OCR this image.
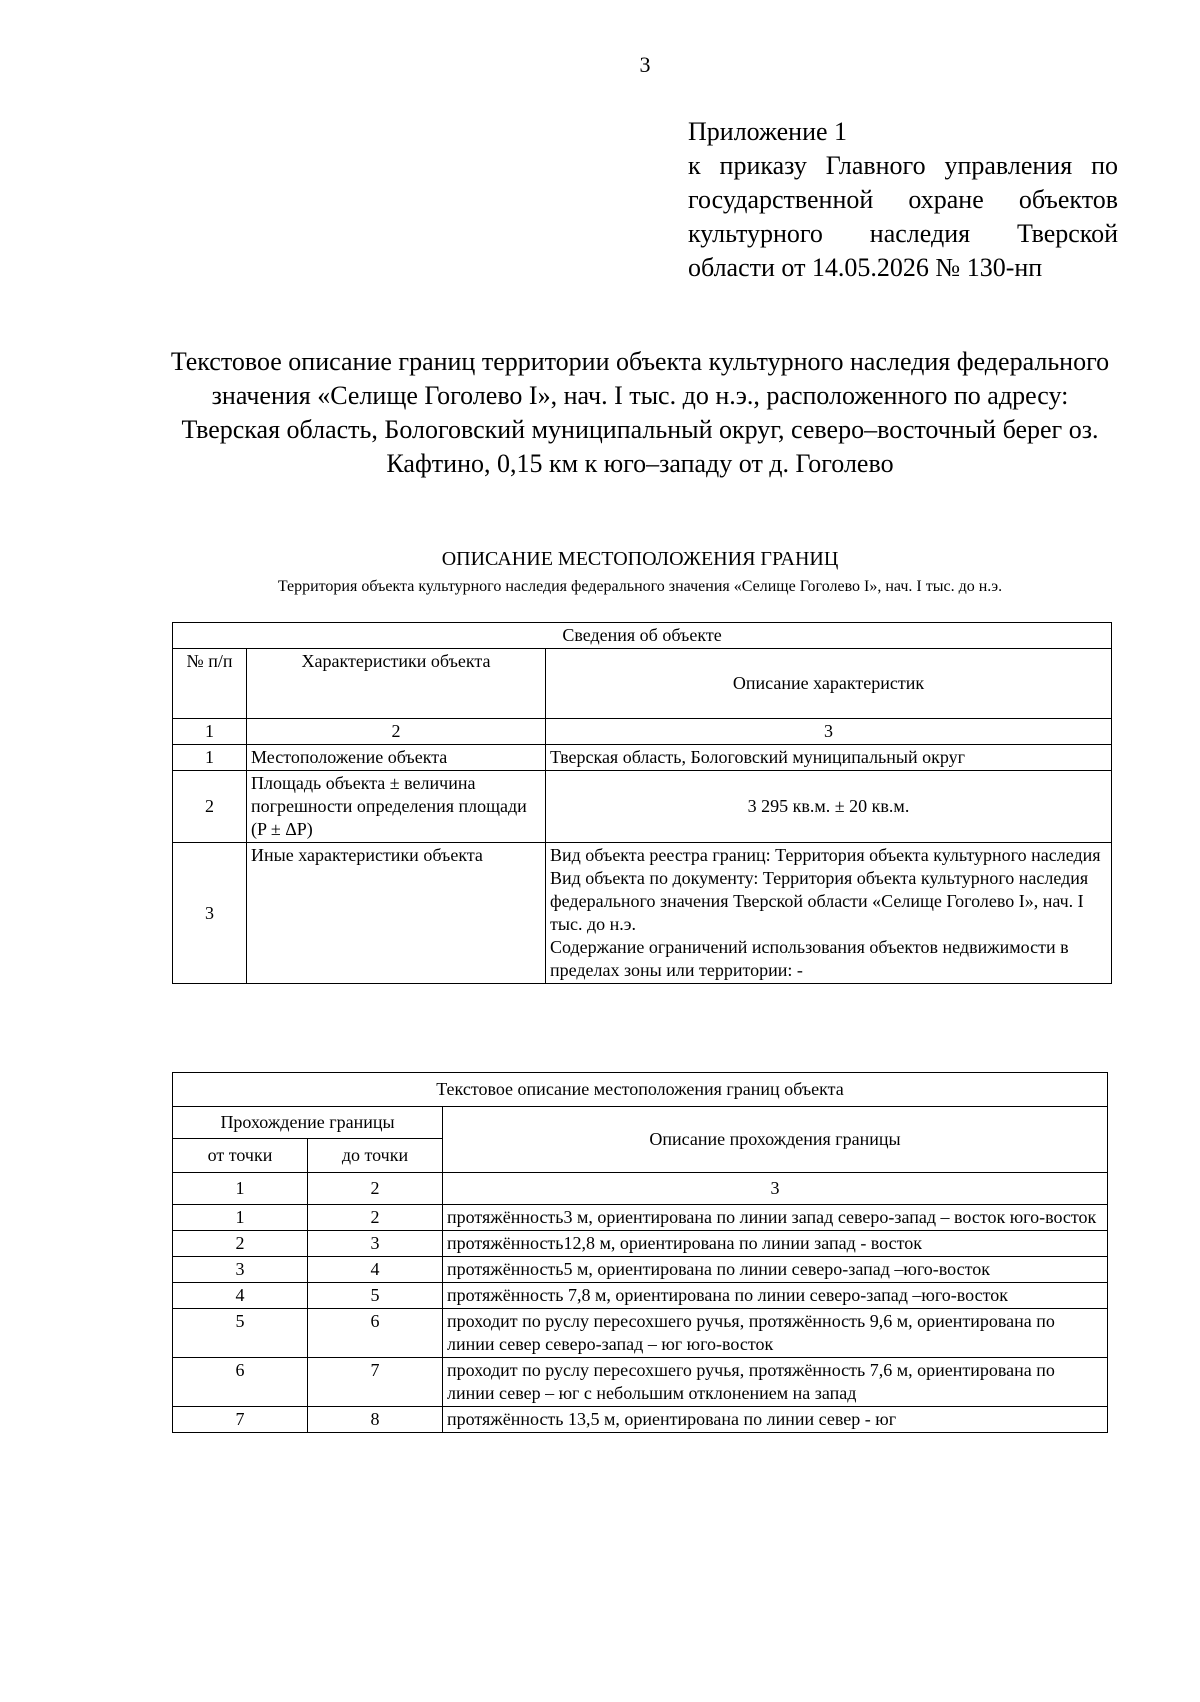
3
Приложение 1
к приказу Главного управления по государственной охране объектов культурного наследия Тверской области от 14.05.2026 № 130-нп
Текстовое описание границ территории объекта культурного наследия федерального значения «Селище Гоголево I», нач. I тыс. до н.э., расположенного по адресу: Тверская область, Бологовский муниципальный округ, северо–восточный берег оз. Кафтино, 0,15 км к юго–западу от д. Гоголево
ОПИСАНИЕ МЕСТОПОЛОЖЕНИЯ ГРАНИЦ
Территория объекта культурного наследия федерального значения «Селище Гоголево I», нач. I тыс. до н.э.
Сведения об объекте		
№ п/п	Характеристики объекта	Описание характеристик
1	2	3
1	Местоположение объекта	Тверская область, Бологовский муниципальный округ

2	Площадь объекта ± величина погрешности определения площади (P ± ΔP)	3 295 кв.м. ± 20 кв.м.
3	Иные характеристики объекта	Вид объекта реестра границ: Территория объекта культурного наследия
Вид объекта по документу: Территория объекта культурного наследия федерального значения Тверской области «Селище Гоголево I», нач. I тыс. до н.э.
Содержание ограничений использования объектов недвижимости в пределах зоны или территории: -
Текстовое описание местоположения границ объекта		
Прохождение границы		Описание прохождения границы
от точки	до точки	
1	2	3
1	2	протяжённость3 м, ориентирована по линии запад северо-запад – восток юго-восток
2	3	протяжённость12,8 м, ориентирована по линии запад - восток
3	4	протяжённость5 м, ориентирована по линии северо-запад –юго-восток
4	5	протяжённость 7,8 м, ориентирована по линии северо-запад –юго-восток
5	6	проходит по руслу пересохшего ручья, протяжённость 9,6 м, ориентирована по линии север северо-запад – юг юго-восток
6	7	проходит по руслу пересохшего ручья, протяжённость 7,6 м, ориентирована по линии север – юг с небольшим отклонением на запад
7	8	протяжённость 13,5 м, ориентирована по линии север - юг
